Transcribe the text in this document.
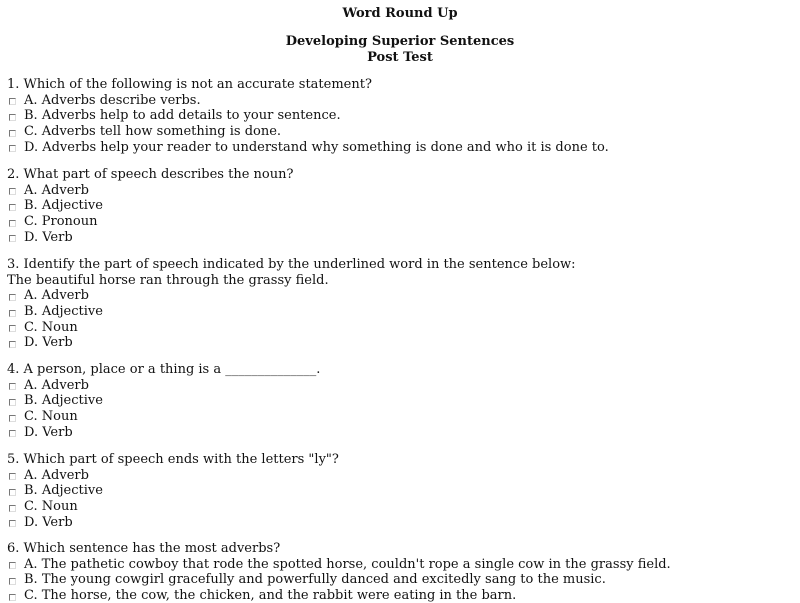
Word Round Up
Developing Superior Sentences
Post Test
1. Which of the following is not an accurate statement?
A. Adverbs describe verbs.
B. Adverbs help to add details to your sentence.
C. Adverbs tell how something is done.
D. Adverbs help your reader to understand why something is done and who it is done to.
2. What part of speech describes the noun?
A. Adverb
B. Adjective
C. Pronoun
D. Verb
3. Identify the part of speech indicated by the underlined word in the sentence below:
The beautiful horse ran through the grassy field.
A. Adverb
B. Adjective
C. Noun
D. Verb
4. A person, place or a thing is a ______________.
A. Adverb
B. Adjective
C. Noun
D. Verb
5. Which part of speech ends with the letters "ly"?
A. Adverb
B. Adjective
C. Noun
D. Verb
6. Which sentence has the most adverbs?
A. The pathetic cowboy that rode the spotted horse, couldn't rope a single cow in the grassy field.
B. The young cowgirl gracefully and powerfully danced and excitedly sang to the music.
C. The horse, the cow, the chicken, and the rabbit were eating in the barn.
